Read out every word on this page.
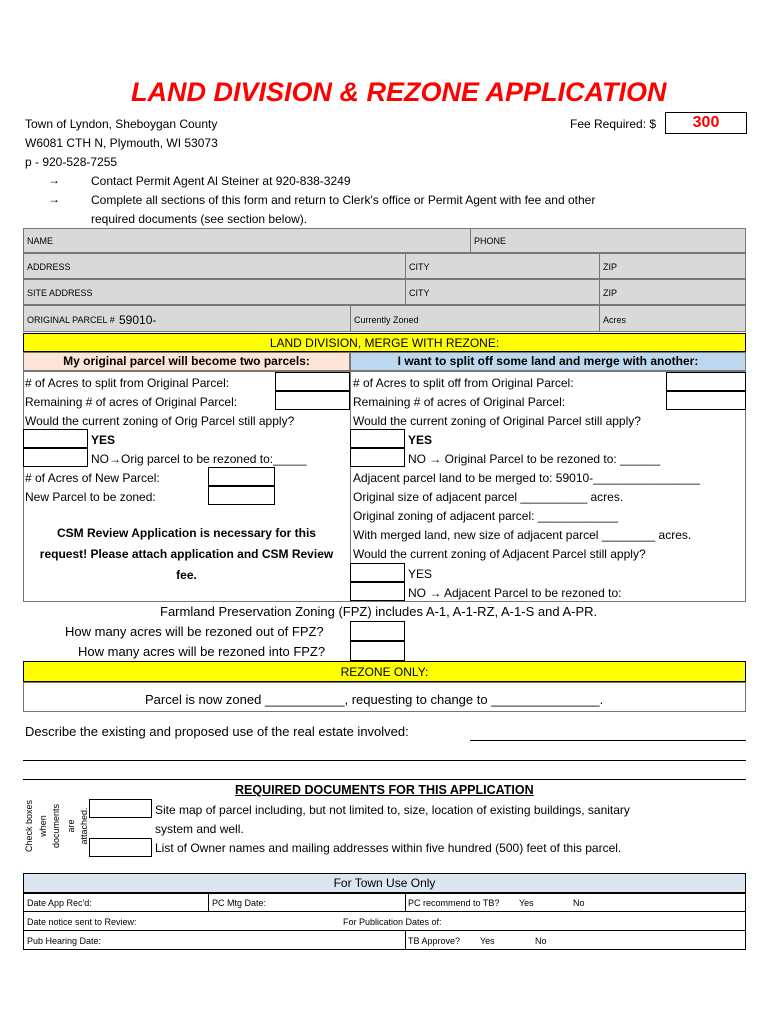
LAND DIVISION & REZONE APPLICATION
Town of Lyndon, Sheboygan County
W6081 CTH N, Plymouth, WI 53073
p - 920-528-7255
→	Contact Permit Agent Al Steiner at 920-838-3249
→	Complete all sections of this form and return to Clerk's office or Permit Agent with fee and other
required documents (see section below).
Fee Required: $	300
NAME	PHONE
ADDRESS	CITY	ZIP
SITE ADDRESS	CITY	ZIP
ORIGINAL PARCEL # 59010-	Currently Zoned	Acres
LAND DIVISION, MERGE WITH REZONE:
My original parcel will become two parcels:	I want to split off some land and merge with another:
# of Acres to split from Original Parcel:
Remaining # of acres of Original Parcel:
Would the current zoning of Orig Parcel still apply?
YES
NO→Orig parcel to be rezoned to:_____
# of Acres of New Parcel:
New Parcel to be zoned:
CSM Review Application is necessary for this
request! Please attach application and CSM Review
fee.
# of Acres to split off from Original Parcel:
Remaining # of acres of Original Parcel:
Would the current zoning of Original Parcel still apply?
YES
NO → Original Parcel to be rezoned to: ______
Adjacent parcel land to be merged to: 59010-________________
Original size of adjacent parcel __________ acres.
Original zoning of adjacent parcel: ____________
With merged land, new size of adjacent parcel ________ acres.
Would the current zoning of Adjacent Parcel still apply?
YES
NO → Adjacent Parcel to be rezoned to:
Farmland Preservation Zoning (FPZ) includes A-1, A-1-RZ, A-1-S and A-PR.
How many acres will be rezoned out of FPZ?
How many acres will be rezoned into FPZ?
REZONE ONLY:
Parcel is now zoned ___________, requesting to change to _______________.
Describe the existing and proposed use of the real estate involved:
REQUIRED DOCUMENTS FOR THIS APPLICATION
Check boxes when documents are attached.	Site map of parcel including, but not limited to, size, location of existing buildings, sanitary
system and well.
List of Owner names and mailing addresses within five hundred (500) feet of this parcel.
For Town Use Only
Date App Rec'd:	PC Mtg Date:	PC recommend to TB? Yes	No
Date notice sent to Review:	For Publication Dates of:
Pub Hearing Date:	TB Approve? Yes	No
